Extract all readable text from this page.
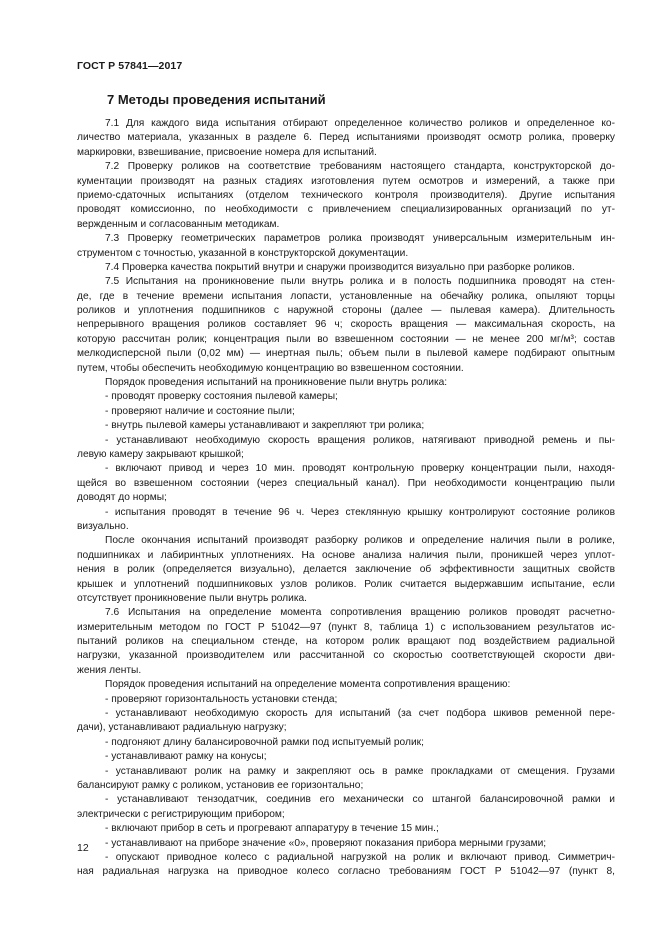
ГОСТ Р 57841—2017
7 Методы проведения испытаний
7.1 Для каждого вида испытания отбирают определенное количество роликов и определенное ко-
личество материала, указанных в разделе 6. Перед испытаниями производят осмотр ролика, проверку
маркировки, взвешивание, присвоение номера для испытаний.
7.2 Проверку роликов на соответствие требованиям настоящего стандарта, конструкторской до-
кументации производят на разных стадиях изготовления путем осмотров и измерений, а также при
приемо-сдаточных испытаниях (отделом технического контроля производителя). Другие испытания
проводят комиссионно, по необходимости с привлечением специализированных организаций по ут-
вержденным и согласованным методикам.
7.3 Проверку геометрических параметров ролика производят универсальным измерительным ин-
струментом с точностью, указанной в конструкторской документации.
7.4 Проверка качества покрытий внутри и снаружи производится визуально при разборке роликов.
7.5 Испытания на проникновение пыли внутрь ролика и в полость подшипника проводят на стен-
де, где в течение времени испытания лопасти, установленные на обечайку ролика, опыляют торцы
роликов и уплотнения подшипников с наружной стороны (далее — пылевая камера). Длительность
непрерывного вращения роликов составляет 96 ч; скорость вращения — максимальная скорость, на
которую рассчитан ролик; концентрация пыли во взвешенном состоянии — не менее 200 мг/м³; состав
мелкодисперсной пыли (0,02 мм) — инертная пыль; объем пыли в пылевой камере подбирают опытным
путем, чтобы обеспечить необходимую концентрацию во взвешенном состоянии.
Порядок проведения испытаний на проникновение пыли внутрь ролика:
- проводят проверку состояния пылевой камеры;
- проверяют наличие и состояние пыли;
- внутрь пылевой камеры устанавливают и закрепляют три ролика;
- устанавливают необходимую скорость вращения роликов, натягивают приводной ремень и пы-
левую камеру закрывают крышкой;
- включают привод и через 10 мин. проводят контрольную проверку концентрации пыли, находя-
щейся во взвешенном состоянии (через специальный канал). При необходимости концентрацию пыли
доводят до нормы;
- испытания проводят в течение 96 ч. Через стеклянную крышку контролируют состояние роликов
визуально.
После окончания испытаний производят разборку роликов и определение наличия пыли в ролике,
подшипниках и лабиринтных уплотнениях. На основе анализа наличия пыли, проникшей через уплот-
нения в ролик (определяется визуально), делается заключение об эффективности защитных свойств
крышек и уплотнений подшипниковых узлов роликов. Ролик считается выдержавшим испытание, если
отсутствует проникновение пыли внутрь ролика.
7.6 Испытания на определение момента сопротивления вращению роликов проводят расчетно-
измерительным методом по ГОСТ Р 51042—97 (пункт 8, таблица 1) с использованием результатов ис-
пытаний роликов на специальном стенде, на котором ролик вращают под воздействием радиальной
нагрузки, указанной производителем или рассчитанной со скоростью соответствующей скорости дви-
жения ленты.
Порядок проведения испытаний на определение момента сопротивления вращению:
- проверяют горизонтальность установки стенда;
- устанавливают необходимую скорость для испытаний (за счет подбора шкивов ременной пере-
дачи), устанавливают радиальную нагрузку;
- подгоняют длину балансировочной рамки под испытуемый ролик;
- устанавливают рамку на конусы;
- устанавливают ролик на рамку и закрепляют ось в рамке прокладками от смещения. Грузами
балансируют рамку с роликом, установив ее горизонтально;
- устанавливают тензодатчик, соединив его механически со штангой балансировочной рамки и
электрически с регистрирующим прибором;
- включают прибор в сеть и прогревают аппаратуру в течение 15 мин.;
- устанавливают на приборе значение «0», проверяют показания прибора мерными грузами;
- опускают приводное колесо с радиальной нагрузкой на ролик и включают привод. Симметрич-
ная радиальная нагрузка на приводное колесо согласно требованиям ГОСТ Р 51042—97 (пункт 8,
12
